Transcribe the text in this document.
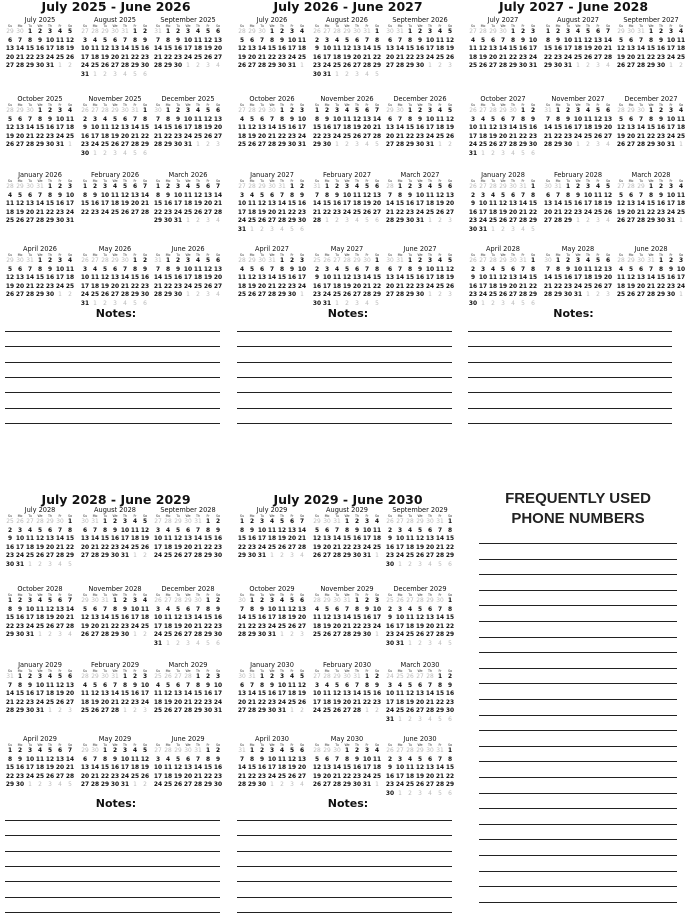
July 2025 - June 2026
July 2025
Su	Mo	Tu	We	Th	Fr	Sa
29 30 1 2 3 4 5
6 7 8 9 10 11 12
13 14 15 16 17 18 19
20 21 22 23 24 25 26
27 28 29 30 31 1	2
August 2025
Su	Mo	Tu	We	Th	Fr	Sa
27 28 29 30 31 1 2
3 4 5 6 7 8 9
10 11 12 13 14 15 16
17 18 19 20 21 22 23
24 25 26 27 28 29 30
31 1	2	3	4	5	6
September 2025
Su	Mo	Tu	We	Th	Fr	Sa
31 1 2 3 4 5 6
7 8 9 10 11 12 13
14 15 16 17 18 19 20
21 22 23 24 25 26 27
28 29 30 1	2	3	4
October 2025
Su	Mo	Tu	We	Th	Fr	Sa
28 29 30 1 2 3 4
5 6 7 8 9 10 11
12 13 14 15 16 17 18
19 20 21 22 23 24 25
26 27 28 29 30 31 1
November 2025
Su	Mo	Tu	We	Th	Fr	Sa
26 27 28 29 30 31 1
2 3 4 5 6 7 8
9 10 11 12 13 14 15
16 17 18 19 20 21 22
23 24 25 26 27 28 29
30 1	2	3	4	5	6
December 2025
Su	Mo	Tu	We	Th	Fr	Sa
30 1 2 3 4 5 6
7 8 9 10 11 12 13
14 15 16 17 18 19 20
21 22 23 24 25 26 27
28 29 30 31 1	2	3
January 2026
Su	Mo	Tu	We	Th	Fr	Sa
28 29 30 31 1 2 3
4 5 6 7 8 9 10
11 12 13 14 15 16 17
18 19 20 21 22 23 24
25 26 27 28 29 30 31
February 2026
Su	Mo	Tu	We	Th	Fr	Sa
1 2 3 4 5 6 7
8 9 10 11 12 13 14
15 16 17 18 19 20 21
22 23 24 25 26 27 28
March 2026
Su	Mo	Tu	We	Th	Fr	Sa
1 2 3 4 5 6 7
8 9 10 11 12 13 14
15 16 17 18 19 20 21
22 23 24 25 26 27 28
29 30 31 1	2	3	4
April 2026
Su	Mo	Tu	We	Th	Fr	Sa
29 30 31 1 2 3 4
5 6 7 8 9 10 11
12 13 14 15 16 17 18
19 20 21 22 23 24 25
26 27 28 29 30 1	2
May 2026
Su	Mo	Tu	We	Th	Fr	Sa
26 27 28 29 30 1 2
3 4 5 6 7 8 9
10 11 12 13 14 15 16
17 18 19 20 21 22 23
24 25 26 27 28 29 30
31 1	2	3	4	5	6
June 2026
Su	Mo	Tu	We	Th	Fr	Sa
31 1 2 3 4 5 6
7 8 9 10 11 12 13
14 15 16 17 18 19 20
21 22 23 24 25 26 27
28 29 30 1	2	3	4
Notes:
July 2026 - June 2027
July 2026
Su	Mo	Tu	We	Th	Fr	Sa
28 29 30 1 2 3 4
5 6 7 8 9 10 11
12 13 14 15 16 17 18
19 20 21 22 23 24 25
26 27 28 29 30 31 1
August 2026
Su	Mo	Tu	We	Th	Fr	Sa
26 27 28 29 30 31 1
2 3 4 5 6 7 8
9 10 11 12 13 14 15
16 17 18 19 20 21 22
23 24 25 26 27 28 29
30 31 1	2	3	4	5
September 2026
Su	Mo	Tu	We	Th	Fr	Sa
30 31 1 2 3 4 5
6 7 8 9 10 11 12
13 14 15 16 17 18 19
20 21 22 23 24 25 26
27 28 29 30 1	2	3
October 2026
Su	Mo	Tu	We	Th	Fr	Sa
27 28 29 30 1 2 3
4 5 6 7 8 9 10
11 12 13 14 15 16 17
18 19 20 21 22 23 24
25 26 27 28 29 30 31
November 2026
Su	Mo	Tu	We	Th	Fr	Sa
1 2 3 4 5 6 7
8 9 10 11 12 13 14
15 16 17 18 19 20 21
22 23 24 25 26 27 28
29 30 1	2	3	4	5
December 2026
Su	Mo	Tu	We	Th	Fr	Sa
29 30 1 2 3 4 5
6 7 8 9 10 11 12
13 14 15 16 17 18 19
20 21 22 23 24 25 26
27 28 29 30 31 1	2
January 2027
Su	Mo	Tu	We	Th	Fr	Sa
27 28 29 30 31 1 2
3 4 5 6 7 8 9
10 11 12 13 14 15 16
17 18 19 20 21 22 23
24 25 26 27 28 29 30
31 1	2	3	4	5	6
February 2027
Su	Mo	Tu	We	Th	Fr	Sa
31 1 2 3 4 5 6
7 8 9 10 11 12 13
14 15 16 17 18 19 20
21 22 23 24 25 26 27
28 1	2	3	4	5	6
March 2027
Su	Mo	Tu	We	Th	Fr	Sa
28 1 2 3 4 5 6
7 8 9 10 11 12 13
14 15 16 17 18 19 20
21 22 23 24 25 26 27
28 29 30 31 1	2	3
April 2027
Su	Mo	Tu	We	Th	Fr	Sa
28 29 30 31 1 2 3
4 5 6 7 8 9 10
11 12 13 14 15 16 17
18 19 20 21 22 23 24
25 26 27 28 29 30 1
May 2027
Su	Mo	Tu	We	Th	Fr	Sa
25 26 27 28 29 30 1
2 3 4 5 6 7 8
9 10 11 12 13 14 15
16 17 18 19 20 21 22
23 24 25 26 27 28 29
30 31 1	2	3	4	5
June 2027
Su	Mo	Tu	We	Th	Fr	Sa
30 31 1 2 3 4 5
6 7 8 9 10 11 12
13 14 15 16 17 18 19
20 21 22 23 24 25 26
27 28 29 30 1	2	3
Notes:
July 2027 - June 2028
July 2027
Su	Mo	Tu	We	Th	Fr	Sa
27 28 29 30 1 2 3
4 5 6 7 8 9 10
11 12 13 14 15 16 17
18 19 20 21 22 23 24
25 26 27 28 29 30 31
August 2027
Su	Mo	Tu	We	Th	Fr	Sa
1 2 3 4 5 6 7
8 9 10 11 12 13 14
15 16 17 18 19 20 21
22 23 24 25 26 27 28
29 30 31 1	2	3	4
September 2027
Su	Mo	Tu	We	Th	Fr	Sa
29 30 31 1 2 3 4
5 6 7 8 9 10 11
12 13 14 15 16 17 18
19 20 21 22 23 24 25
26 27 28 29 30 1	2
October 2027
Su	Mo	Tu	We	Th	Fr	Sa
26 27 28 29 30 1 2
3 4 5 6 7 8 9
10 11 12 13 14 15 16
17 18 19 20 21 22 23
24 25 26 27 28 29 30
31 1	2	3	4	5	6
November 2027
Su	Mo	Tu	We	Th	Fr	Sa
31 1 2 3 4 5 6
7 8 9 10 11 12 13
14 15 16 17 18 19 20
21 22 23 24 25 26 27
28 29 30 1	2	3	4
December 2027
Su	Mo	Tu	We	Th	Fr	Sa
28 29 30 1 2 3 4
5 6 7 8 9 10 11
12 13 14 15 16 17 18
19 20 21 22 23 24 25
26 27 28 29 30 31 1
January 2028
Su	Mo	Tu	We	Th	Fr	Sa
26 27 28 29 30 31 1
2 3 4 5 6 7 8
9 10 11 12 13 14 15
16 17 18 19 20 21 22
23 24 25 26 27 28 29
30 31 1	2	3	4	5
February 2028
Su	Mo	Tu	We	Th	Fr	Sa
30 31 1 2 3 4 5
6 7 8 9 10 11 12
13 14 15 16 17 18 19
20 21 22 23 24 25 26
27 28 29 1	2	3	4
March 2028
Su	Mo	Tu	We	Th	Fr	Sa
27 28 29 1 2 3 4
5 6 7 8 9 10 11
12 13 14 15 16 17 18
19 20 21 22 23 24 25
26 27 28 29 30 31 1
April 2028
Su	Mo	Tu	We	Th	Fr	Sa
26 27 28 29 30 31 1
2 3 4 5 6 7 8
9 10 11 12 13 14 15
16 17 18 19 20 21 22
23 24 25 26 27 28 29
30 1	2	3	4	5	6
May 2028
Su	Mo	Tu	We	Th	Fr	Sa
30 1 2 3 4 5 6
7 8 9 10 11 12 13
14 15 16 17 18 19 20
21 22 23 24 25 26 27
28 29 30 31 1	2	3
June 2028
Su	Mo	Tu	We	Th	Fr	Sa
28 29 30 31 1 2 3
4 5 6 7 8 9 10
11 12 13 14 15 16 17
18 19 20 21 22 23 24
25 26 27 28 29 30 1
Notes:
July 2028 - June 2029
July 2028
Su	Mo	Tu	We	Th	Fr	Sa
25 26 27 28 29 30 1
2 3 4 5 6 7 8
9 10 11 12 13 14 15
16 17 18 19 20 21 22
23 24 25 26 27 28 29
30 31 1	2	3	4	5
August 2028
Su	Mo	Tu	We	Th	Fr	Sa
30 31 1 2 3 4 5
6 7 8 9 10 11 12
13 14 15 16 17 18 19
20 21 22 23 24 25 26
27 28 29 30 31 1	2
September 2028
Su	Mo	Tu	We	Th	Fr	Sa
27 28 29 30 31 1 2
3 4 5 6 7 8 9
10 11 12 13 14 15 16
17 18 19 20 21 22 23
24 25 26 27 28 29 30
October 2028
Su	Mo	Tu	We	Th	Fr	Sa
1 2 3 4 5 6 7
8 9 10 11 12 13 14
15 16 17 18 19 20 21
22 23 24 25 26 27 28
29 30 31 1	2	3	4
November 2028
Su	Mo	Tu	We	Th	Fr	Sa
29 30 31 1 2 3 4
5 6 7 8 9 10 11
12 13 14 15 16 17 18
19 20 21 22 23 24 25
26 27 28 29 30 1	2
December 2028
Su	Mo	Tu	We	Th	Fr	Sa
26 27 28 29 30 1 2
3 4 5 6 7 8 9
10 11 12 13 14 15 16
17 18 19 20 21 22 23
24 25 26 27 28 29 30
31 1	2	3	4	5	6
January 2029
Su	Mo	Tu	We	Th	Fr	Sa
31 1 2 3 4 5 6
7 8 9 10 11 12 13
14 15 16 17 18 19 20
21 22 23 24 25 26 27
28 29 30 31 1	2	3
February 2029
Su	Mo	Tu	We	Th	Fr	Sa
28 29 30 31 1 2 3
4 5 6 7 8 9 10
11 12 13 14 15 16 17
18 19 20 21 22 23 24
25 26 27 28 1	2	3
March 2029
Su	Mo	Tu	We	Th	Fr	Sa
25 26 27 28 1 2 3
4 5 6 7 8 9 10
11 12 13 14 15 16 17
18 19 20 21 22 23 24
25 26 27 28 29 30 31
April 2029
Su	Mo	Tu	We	Th	Fr	Sa
1 2 3 4 5 6 7
8 9 10 11 12 13 14
15 16 17 18 19 20 21
22 23 24 25 26 27 28
29 30 1	2	3	4	5
May 2029
Su	Mo	Tu	We	Th	Fr	Sa
29 30 1 2 3 4 5
6 7 8 9 10 11 12
13 14 15 16 17 18 19
20 21 22 23 24 25 26
27 28 29 30 31 1	2
June 2029
Su	Mo	Tu	We	Th	Fr	Sa
27 28 29 30 31 1 2
3 4 5 6 7 8 9
10 11 12 13 14 15 16
17 18 19 20 21 22 23
24 25 26 27 28 29 30
Notes:
July 2029 - June 2030
July 2029
Su	Mo	Tu	We	Th	Fr	Sa
1 2 3 4 5 6 7
8 9 10 11 12 13 14
15 16 17 18 19 20 21
22 23 24 25 26 27 28
29 30 31 1	2	3	4
August 2029
Su	Mo	Tu	We	Th	Fr	Sa
29 30 31 1 2 3 4
5 6 7 8 9 10 11
12 13 14 15 16 17 18
19 20 21 22 23 24 25
26 27 28 29 30 31 1
September 2029
Su	Mo	Tu	We	Th	Fr	Sa
26 27 28 29 30 31 1
2 3 4 5 6 7 8
9 10 11 12 13 14 15
16 17 18 19 20 21 22
23 24 25 26 27 28 29
30 1	2	3	4	5	6
October 2029
Su	Mo	Tu	We	Th	Fr	Sa
30 1 2 3 4 5 6
7 8 9 10 11 12 13
14 15 16 17 18 19 20
21 22 23 24 25 26 27
28 29 30 31 1	2	3
November 2029
Su	Mo	Tu	We	Th	Fr	Sa
28 29 30 31 1 2 3
4 5 6 7 8 9 10
11 12 13 14 15 16 17
18 19 20 21 22 23 24
25 26 27 28 29 30 1
December 2029
Su	Mo	Tu	We	Th	Fr	Sa
25 26 27 28 29 30 1
2 3 4 5 6 7 8
9 10 11 12 13 14 15
16 17 18 19 20 21 22
23 24 25 26 27 28 29
30 31 1	2	3	4	5
January 2030
Su	Mo	Tu	We	Th	Fr	Sa
30 31 1 2 3 4 5
6 7 8 9 10 11 12
13 14 15 16 17 18 19
20 21 22 23 24 25 26
27 28 29 30 31 1	2
February 2030
Su	Mo	Tu	We	Th	Fr	Sa
27 28 29 30 31 1 2
3 4 5 6 7 8 9
10 11 12 13 14 15 16
17 18 19 20 21 22 23
24 25 26 27 28 1	2
March 2030
Su	Mo	Tu	We	Th	Fr	Sa
24 25 26 27 28 1 2
3 4 5 6 7 8 9
10 11 12 13 14 15 16
17 18 19 20 21 22 23
24 25 26 27 28 29 30
31 1	2	3	4	5	6
April 2030
Su	Mo	Tu	We	Th	Fr	Sa
31 1 2 3 4 5 6
7 8 9 10 11 12 13
14 15 16 17 18 19 20
21 22 23 24 25 26 27
28 29 30 1	2	3	4
May 2030
Su	Mo	Tu	We	Th	Fr	Sa
28 29 30 1 2 3 4
5 6 7 8 9 10 11
12 13 14 15 16 17 18
19 20 21 22 23 24 25
26 27 28 29 30 31 1
June 2030
Su	Mo	Tu	We	Th	Fr	Sa
26 27 28 29 30 31 1
2 3 4 5 6 7 8
9 10 11 12 13 14 15
16 17 18 19 20 21 22
23 24 25 26 27 28 29
30 1	2	3	4	5	6
Notes:
FREQUENTLY USED
PHONE NUMBERS
